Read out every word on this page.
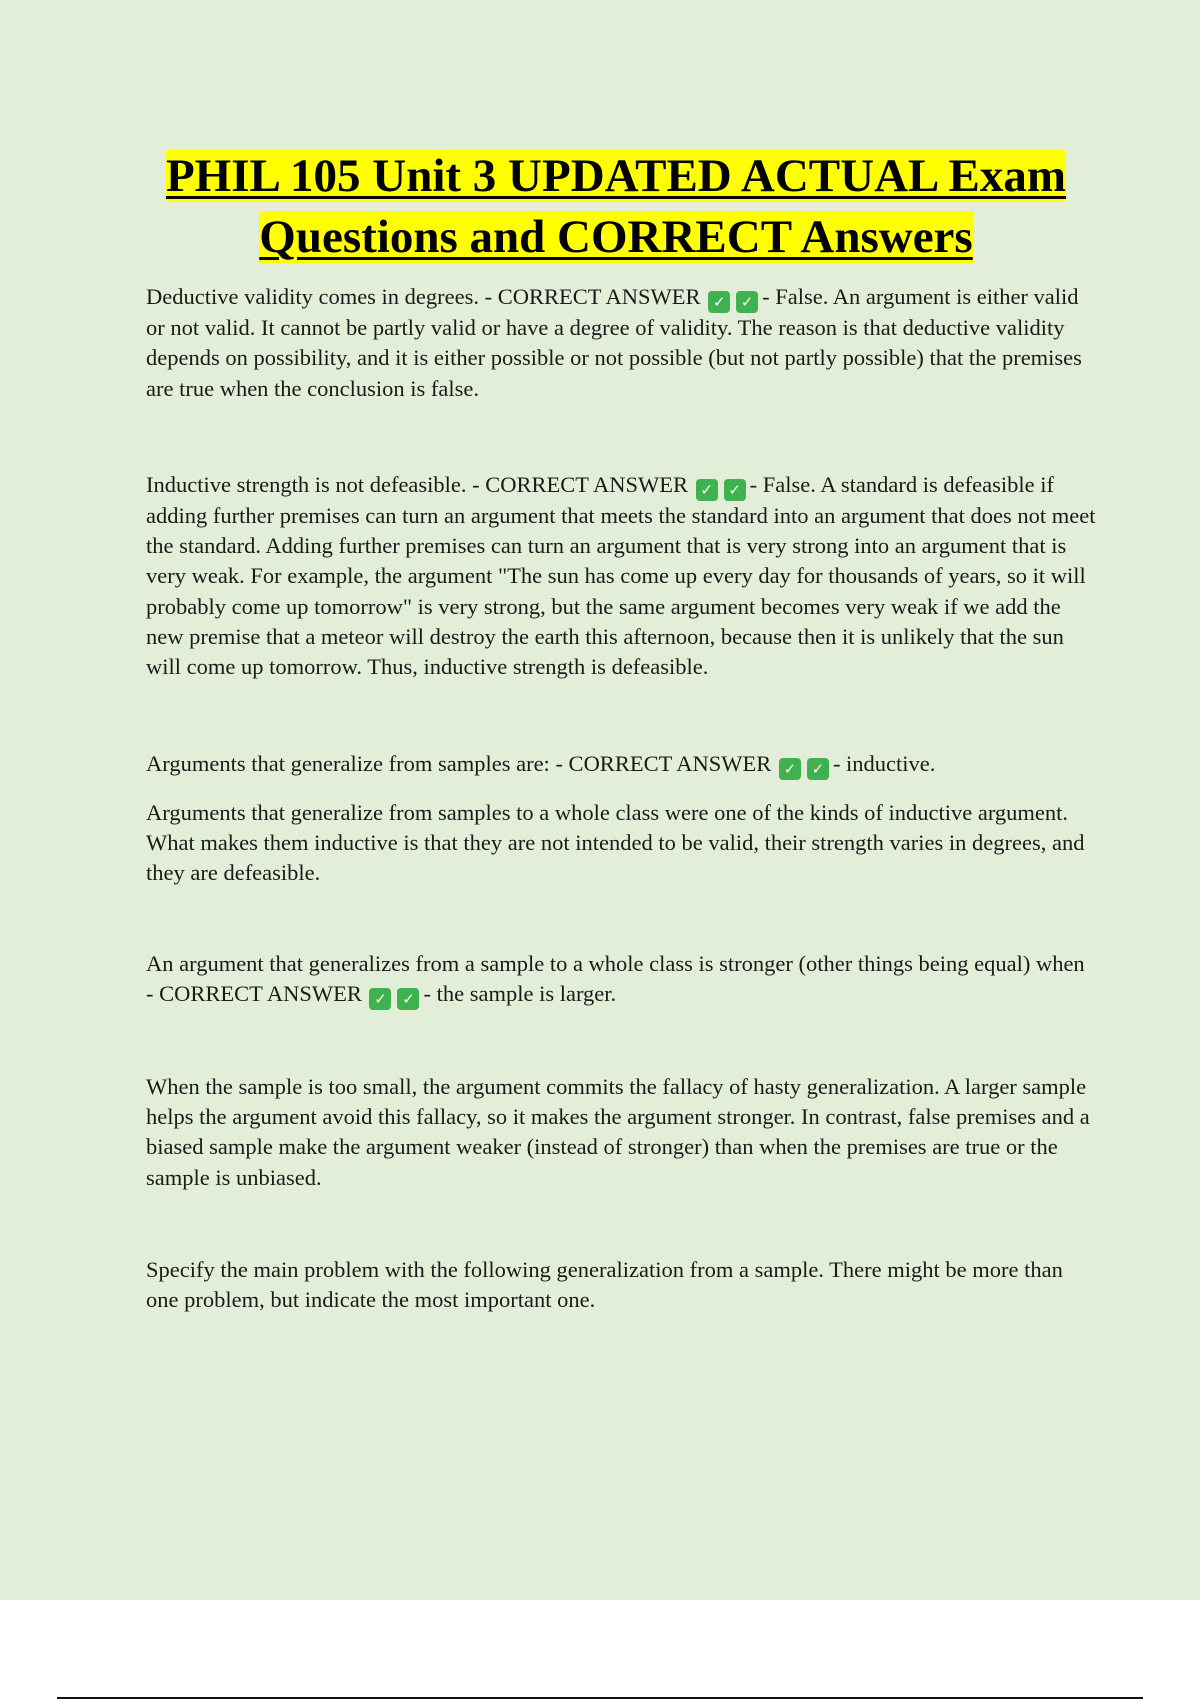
PHIL 105 Unit 3 UPDATED ACTUAL Exam
Questions and CORRECT Answers

Deductive validity comes in degrees. - CORRECT ANSWER ✓ ✓ - False. An argument is either valid or not valid. It cannot be partly valid or have a degree of validity. The reason is that deductive validity depends on possibility, and it is either possible or not possible (but not partly possible) that the premises are true when the conclusion is false.

Inductive strength is not defeasible. - CORRECT ANSWER ✓ ✓ - False. A standard is defeasible if adding further premises can turn an argument that meets the standard into an argument that does not meet the standard. Adding further premises can turn an argument that is very strong into an argument that is very weak. For example, the argument "The sun has come up every day for thousands of years, so it will probably come up tomorrow" is very strong, but the same argument becomes very weak if we add the new premise that a meteor will destroy the earth this afternoon, because then it is unlikely that the sun will come up tomorrow. Thus, inductive strength is defeasible.

Arguments that generalize from samples are: - CORRECT ANSWER ✓ ✓ - inductive.

Arguments that generalize from samples to a whole class were one of the kinds of inductive argument. What makes them inductive is that they are not intended to be valid, their strength varies in degrees, and they are defeasible.

An argument that generalizes from a sample to a whole class is stronger (other things being equal) when - CORRECT ANSWER ✓ ✓ - the sample is larger.

When the sample is too small, the argument commits the fallacy of hasty generalization. A larger sample helps the argument avoid this fallacy, so it makes the argument stronger. In contrast, false premises and a biased sample make the argument weaker (instead of stronger) than when the premises are true or the sample is unbiased.

Specify the main problem with the following generalization from a sample. There might be more than one problem, but indicate the most important one.
